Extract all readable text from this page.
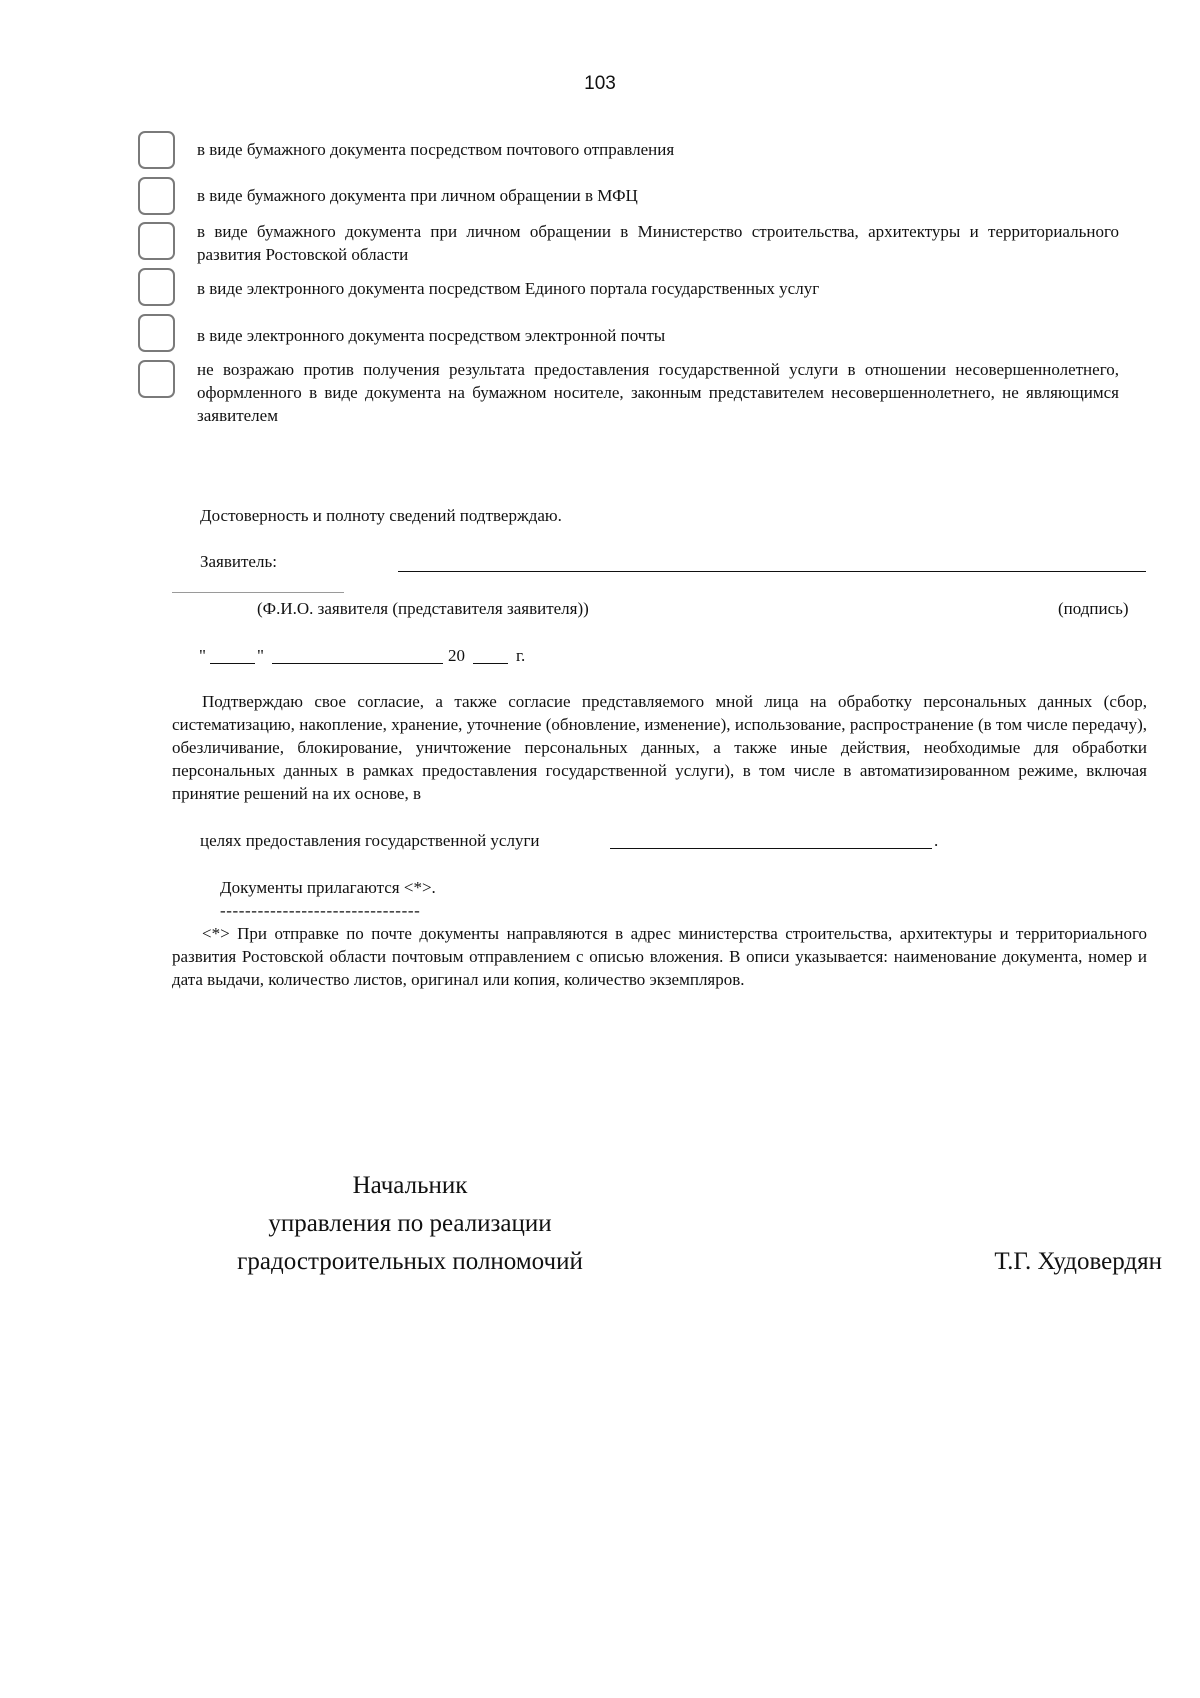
103
в виде бумажного документа посредством почтового отправления
в виде бумажного документа при личном обращении в МФЦ
в виде бумажного документа при личном обращении в Министерство строительства, архитектуры и территориального развития Ростовской области
в виде электронного документа посредством Единого портала государственных услуг
в виде электронного документа посредством электронной почты
не возражаю против получения результата предоставления государственной услуги в отношении несовершеннолетнего, оформленного в виде документа на бумажном носителе, законным представителем несовершеннолетнего, не являющимся заявителем
Достоверность и полноту сведений подтверждаю.
Заявитель:
(Ф.И.О. заявителя (представителя заявителя))	(подпись)
"	"	20	г.

Подтверждаю свое согласие, а также согласие представляемого мной лица на обработку персональных данных (сбор, систематизацию, накопление, хранение, уточнение (обновление, изменение), использование, распространение (в том числе передачу), обезличивание, блокирование, уничтожение персональных данных, а также иные действия, необходимые для обработки персональных данных в рамках предоставления государственной услуги), в том числе в автоматизированном режиме, включая принятие решений на их основе, в

целях предоставления государственной услуги	.
Документы прилагаются <*>.
--------------------------------

<*> При отправке по почте документы направляются в адрес министерства строительства, архитектуры и территориального развития Ростовской области почтовым отправлением с описью вложения. В описи указывается: наименование документа, номер и дата выдачи, количество листов, оригинал или копия, количество экземпляров.

Начальник
управления по реализации
градостроительных полномочий	Т.Г. Худовердян
